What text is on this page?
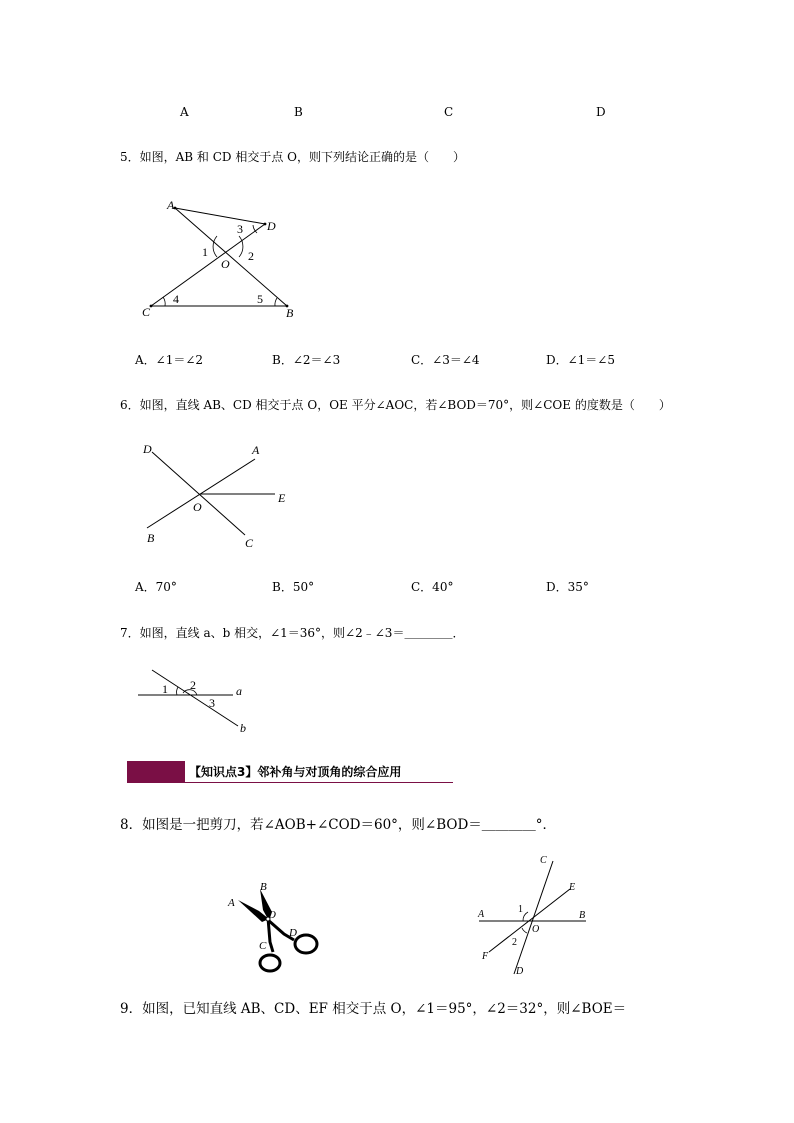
A	B	C	D
5．如图，AB 和 CD 相交于点 O，则下列结论正确的是（　　）
A
D
O
C	B
1	2
3
4	5
A．∠1＝∠2	B．∠2＝∠3	C．∠3＝∠4	D．∠1＝∠5
6．如图，直线 AB、CD 相交于点 O，OE 平分∠AOC，若∠BOD＝70°，则∠COE 的度数是（　　）
D	A
E
O
B	C
A．70°	B．50°	C．40°	D．35°
7．如图，直线 a、b 相交，∠1＝36°，则∠2﹣∠3＝＿＿＿＿．
1 2
3
a
b
【知识点3】邻补角与对顶角的综合应用
8．如图是一把剪刀，若∠AOB+∠COD＝60°，则∠BOD＝＿＿＿＿°．
A
B
O
C
D
C
E
A	B
O
F
D
1
2
9．如图，已知直线 AB、CD、EF 相交于点 O，∠1＝95°，∠2＝32°，则∠BOE＝
